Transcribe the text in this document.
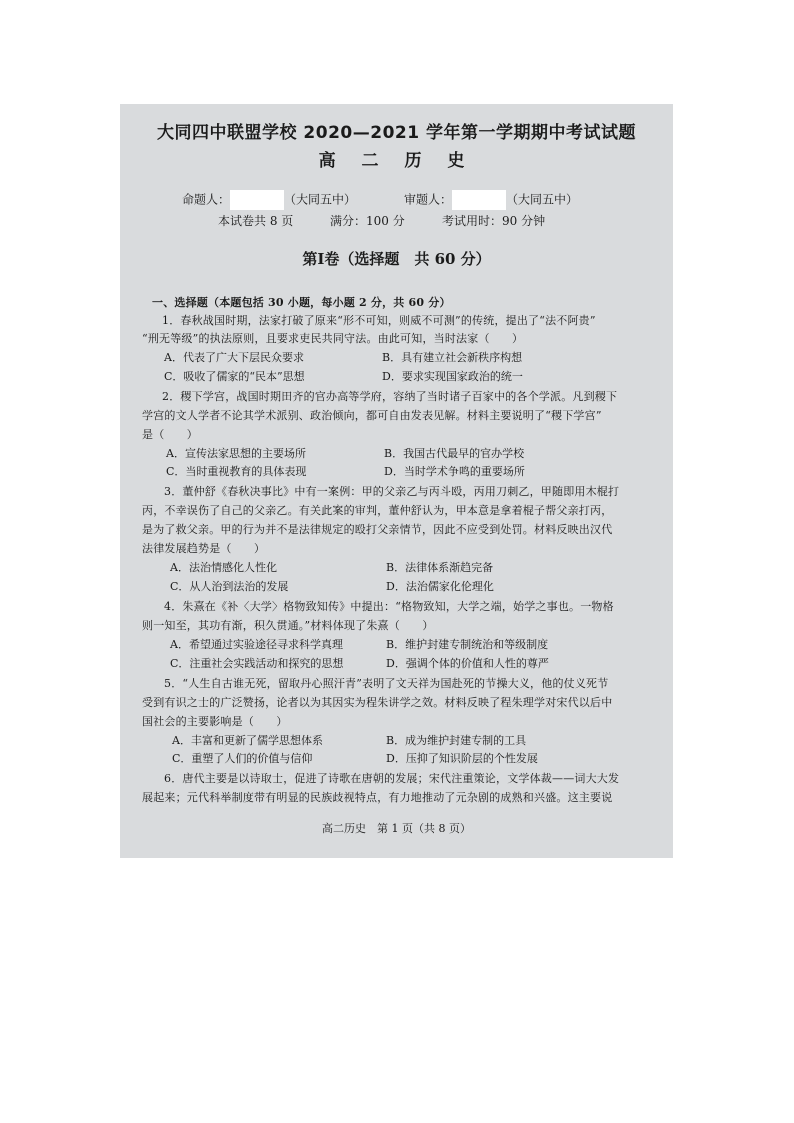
大同四中联盟学校 2020—2021 学年第一学期期中考试试题
高 二 历 史
命题人：	（大同五中）	审题人：	（大同五中）
本试卷共 8 页	满分：100 分	考试用时：90 分钟
第Ⅰ卷（选择题　共 60 分）
一、选择题（本题包括 30 小题，每小题 2 分，共 60 分）
1．春秋战国时期，法家打破了原来“形不可知，则威不可测”的传统，提出了“法不阿贵”
“刑无等级”的执法原则，且要求吏民共同守法。由此可知，当时法家（　　）
A．代表了广大下层民众要求	B．具有建立社会新秩序构想
C．吸收了儒家的“民本”思想	D．要求实现国家政治的统一
2．稷下学宫，战国时期田齐的官办高等学府，容纳了当时诸子百家中的各个学派。凡到稷下
学宫的文人学者不论其学术派别、政治倾向，都可自由发表见解。材料主要说明了“稷下学宫”
是（　　）
A．宣传法家思想的主要场所	B．我国古代最早的官办学校
C．当时重视教育的具体表现	D．当时学术争鸣的重要场所
3．董仲舒《春秋决事比》中有一案例：甲的父亲乙与丙斗殴，丙用刀刺乙，甲随即用木棍打
丙，不幸误伤了自己的父亲乙。有关此案的审判，董仲舒认为，甲本意是拿着棍子帮父亲打丙，
是为了救父亲。甲的行为并不是法律规定的殴打父亲情节，因此不应受到处罚。材料反映出汉代
法律发展趋势是（　　）
A．法治情感化人性化	B．法律体系渐趋完备
C．从人治到法治的发展	D．法治儒家化伦理化
4．朱熹在《补〈大学〉格物致知传》中提出：“格物致知，大学之端，始学之事也。一物格
则一知至，其功有渐，积久贯通。”材料体现了朱熹（　　）
A．希望通过实验途径寻求科学真理	B．维护封建专制统治和等级制度
C．注重社会实践活动和探究的思想	D．强调个体的价值和人性的尊严
5．“人生自古谁无死，留取丹心照汗青”表明了文天祥为国赴死的节操大义，他的仗义死节
受到有识之士的广泛赞扬，论者以为其因实为程朱讲学之效。材料反映了程朱理学对宋代以后中
国社会的主要影响是（　　）
A．丰富和更新了儒学思想体系	B．成为维护封建专制的工具
C．重塑了人们的价值与信仰	D．压抑了知识阶层的个性发展
6．唐代主要是以诗取士，促进了诗歌在唐朝的发展；宋代注重策论，文学体裁——词大大发
展起来；元代科举制度带有明显的民族歧视特点，有力地推动了元杂剧的成熟和兴盛。这主要说
高二历史　第 1 页（共 8 页）
